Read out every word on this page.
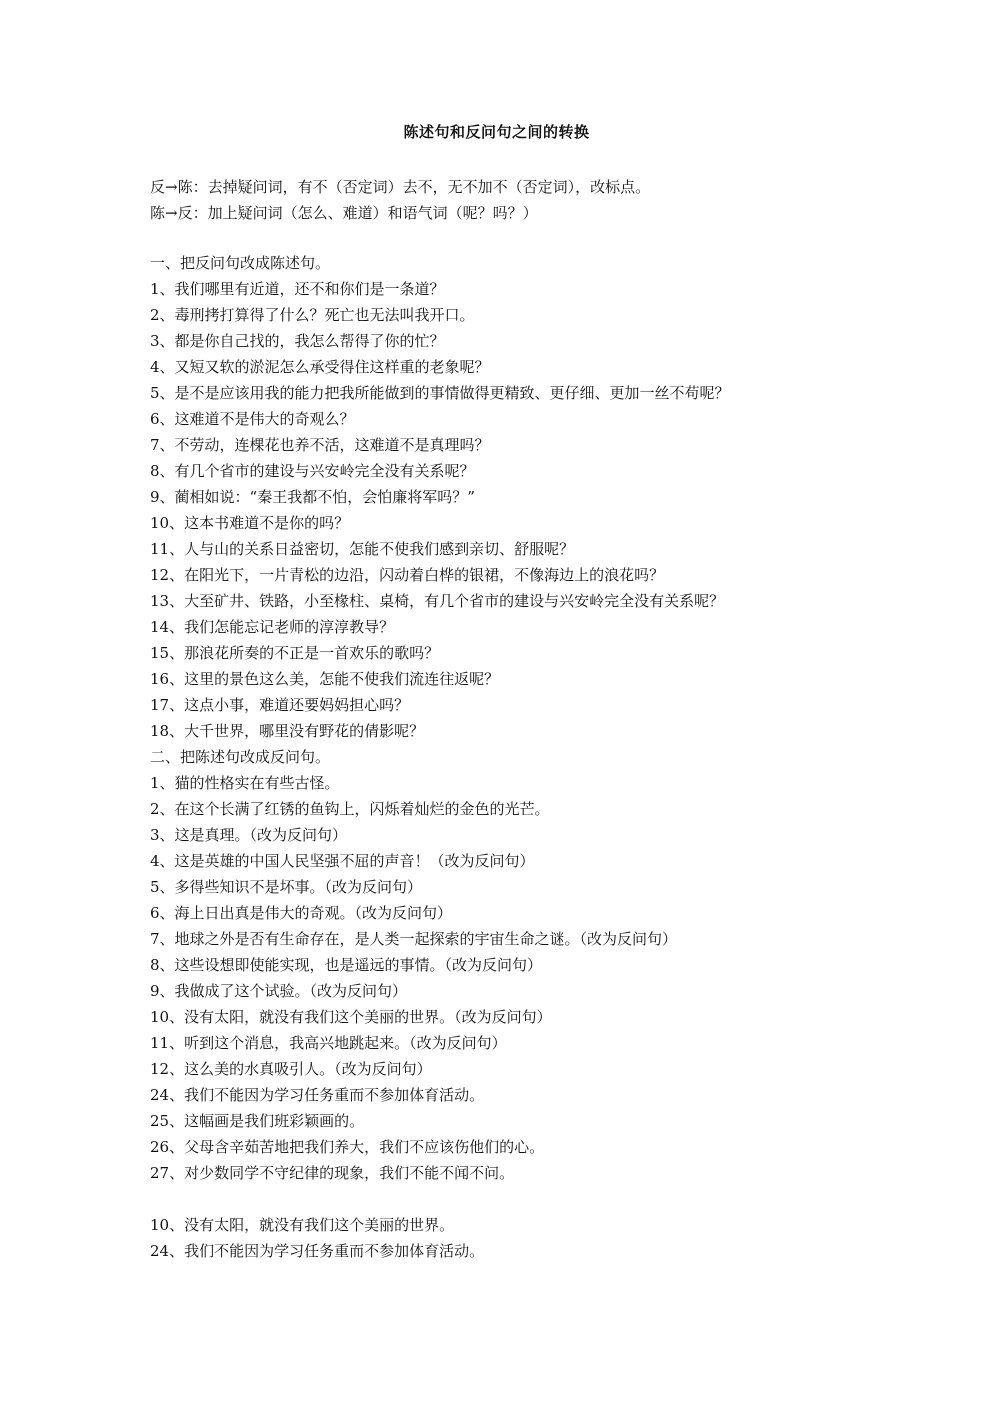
陈述句和反问句之间的转换
反→陈：去掉疑问词，有不（否定词）去不，无不加不（否定词），改标点。
陈→反：加上疑问词（怎么、难道）和语气词（呢？吗？）
一、把反问句改成陈述句。
1、我们哪里有近道，还不和你们是一条道？
2、毒刑拷打算得了什么？死亡也无法叫我开口。
3、都是你自己找的，我怎么帮得了你的忙？
4、又短又软的淤泥怎么承受得住这样重的老象呢？
5、是不是应该用我的能力把我所能做到的事情做得更精致、更仔细、更加一丝不苟呢？
6、这难道不是伟大的奇观么？
7、不劳动，连棵花也养不活，这难道不是真理吗？
8、有几个省市的建设与兴安岭完全没有关系呢？
9、蔺相如说：“秦王我都不怕，会怕廉将军吗？”
10、这本书难道不是你的吗？
11、人与山的关系日益密切，怎能不使我们感到亲切、舒服呢？
12、在阳光下，一片青松的边沿，闪动着白桦的银裙，不像海边上的浪花吗？
13、大至矿井、铁路，小至椽柱、桌椅，有几个省市的建设与兴安岭完全没有关系呢？
14、我们怎能忘记老师的淳淳教导？
15、那浪花所奏的不正是一首欢乐的歌吗？
16、这里的景色这么美，怎能不使我们流连往返呢？
17、这点小事，难道还要妈妈担心吗？
18、大千世界，哪里没有野花的倩影呢？
二、把陈述句改成反问句。
1、猫的性格实在有些古怪。
2、在这个长满了红锈的鱼钩上，闪烁着灿烂的金色的光芒。
3、这是真理。（改为反问句）
4、这是英雄的中国人民坚强不屈的声音！（改为反问句）
5、多得些知识不是坏事。（改为反问句）
6、海上日出真是伟大的奇观。（改为反问句）
7、地球之外是否有生命存在，是人类一起探索的宇宙生命之谜。（改为反问句）
8、这些设想即使能实现，也是遥远的事情。（改为反问句）
9、我做成了这个试验。（改为反问句）
10、没有太阳，就没有我们这个美丽的世界。（改为反问句）
11、听到这个消息，我高兴地跳起来。（改为反问句）
12、这么美的水真吸引人。（改为反问句）
24、我们不能因为学习任务重而不参加体育活动。
25、这幅画是我们班彩颖画的。
26、父母含辛茹苦地把我们养大，我们不应该伤他们的心。
27、对少数同学不守纪律的现象，我们不能不闻不问。
10、没有太阳，就没有我们这个美丽的世界。
24、我们不能因为学习任务重而不参加体育活动。
